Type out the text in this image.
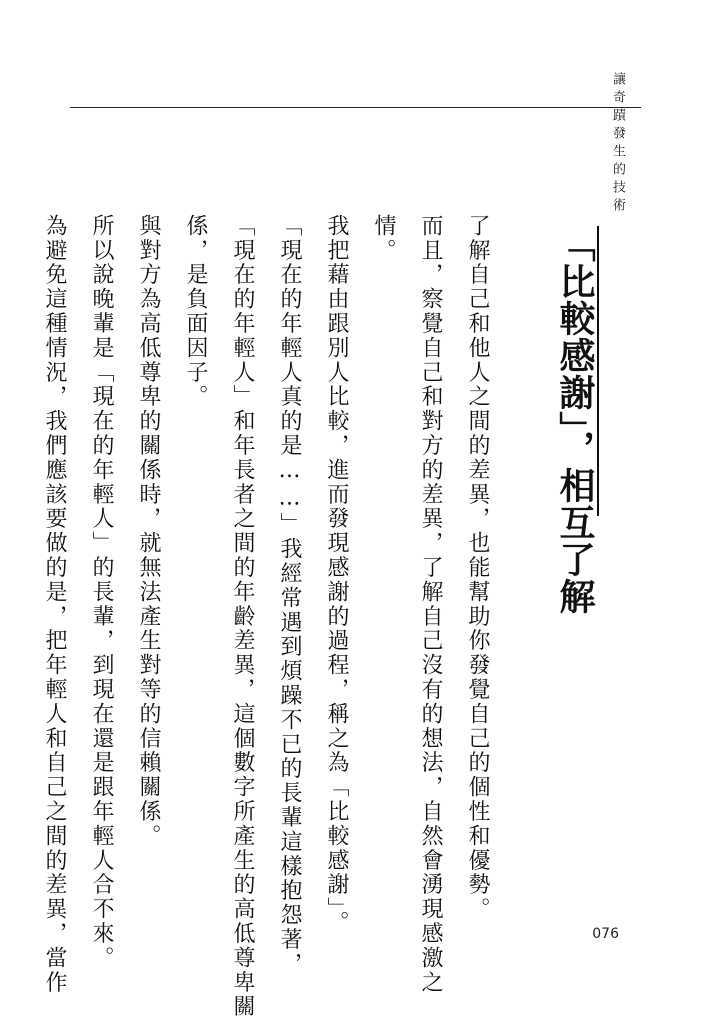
讓奇蹟發生的技術
「比較感謝」，相互了解
了解自己和他人之間的差異，也能幫助你發覺自己的個性和優勢。
而且，察覺自己和對方的差異，了解自己沒有的想法，自然會湧現感激之
情。
我把藉由跟別人比較，進而發現感謝的過程，稱之為「比較感謝」。
「現在的年輕人真的是……」我經常遇到煩躁不已的長輩這樣抱怨著，
「現在的年輕人」和年長者之間的年齡差異，這個數字所產生的高低尊卑關
係，是負面因子。
與對方為高低尊卑的關係時，就無法產生對等的信賴關係。
所以說晚輩是「現在的年輕人」的長輩，到現在還是跟年輕人合不來。
為避免這種情況，我們應該要做的是，把年輕人和自己之間的差異，當作	076
